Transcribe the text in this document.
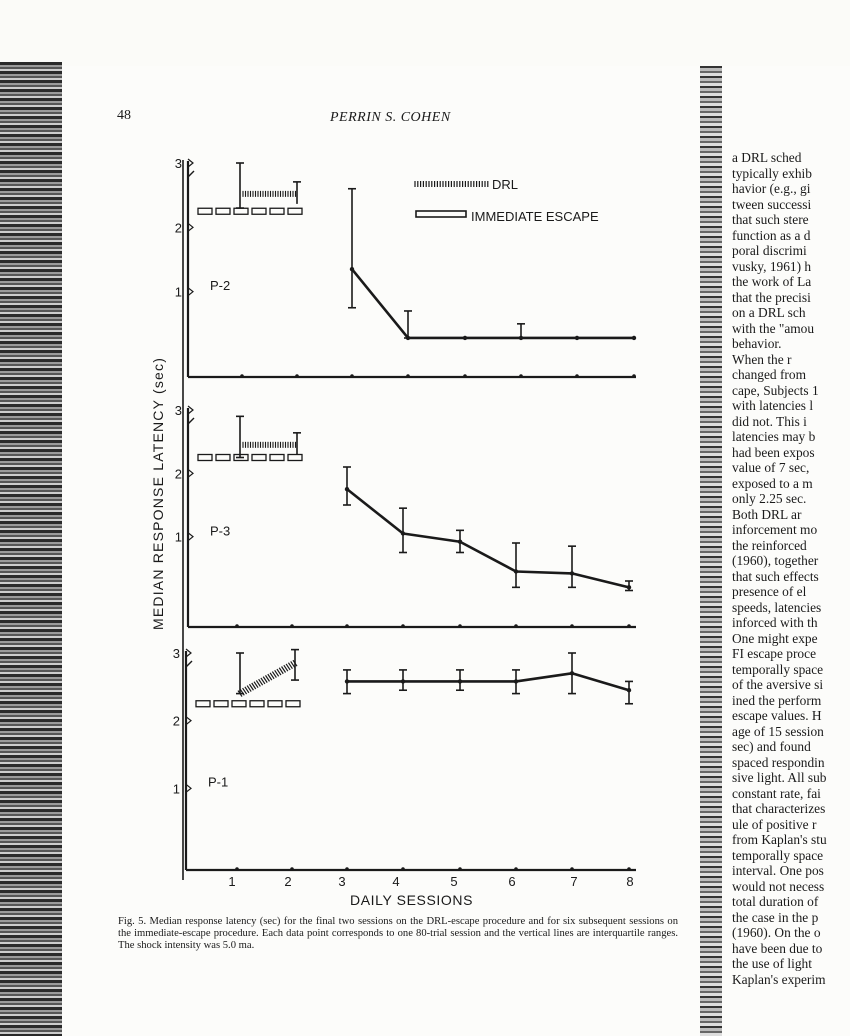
a DRL sched
typically exhib
havior (e.g., gi
tween successi
that such stere
function as a d
poral discrimi
vusky, 1961) h
the work of La
that the precisi
on a DRL sch
with the "amou
behavior.
When the r
changed from
cape, Subjects 1
with latencies l
did not. This i
latencies may b
had been expos
value of 7 sec,
exposed to a m
only 2.25 sec.
Both DRL ar
inforcement mo
the reinforced
(1960), together
that such effects
presence of el
speeds, latencies
inforced with th
One might expe
FI escape proce
temporally space
of the aversive si
ined the perform
escape values. H
age of 15 session
sec) and found
spaced respondin
sive light. All sub
constant rate, fai
that characterizes
ule of positive r
from Kaplan's stu
temporally space
interval. One pos
would not necess
total duration of
the case in the p
(1960). On the o
have been due to
the use of light
Kaplan's experim
48	PERRIN S. COHEN
1	2	3	4	5	6	7	8
DRL
IMMEDIATE ESCAPE
1
2
3
P-2
1
2
3
P-3
1
2
3
P-1
MEDIAN RESPONSE LATENCY (sec)
DAILY SESSIONS
Fig. 5. Median response latency (sec) for the final two sessions on the DRL-escape procedure and for six subsequent sessions on the immediate-escape procedure. Each data point corresponds to one 80-trial session and the vertical lines are interquartile ranges. The shock intensity was 5.0 ma.
